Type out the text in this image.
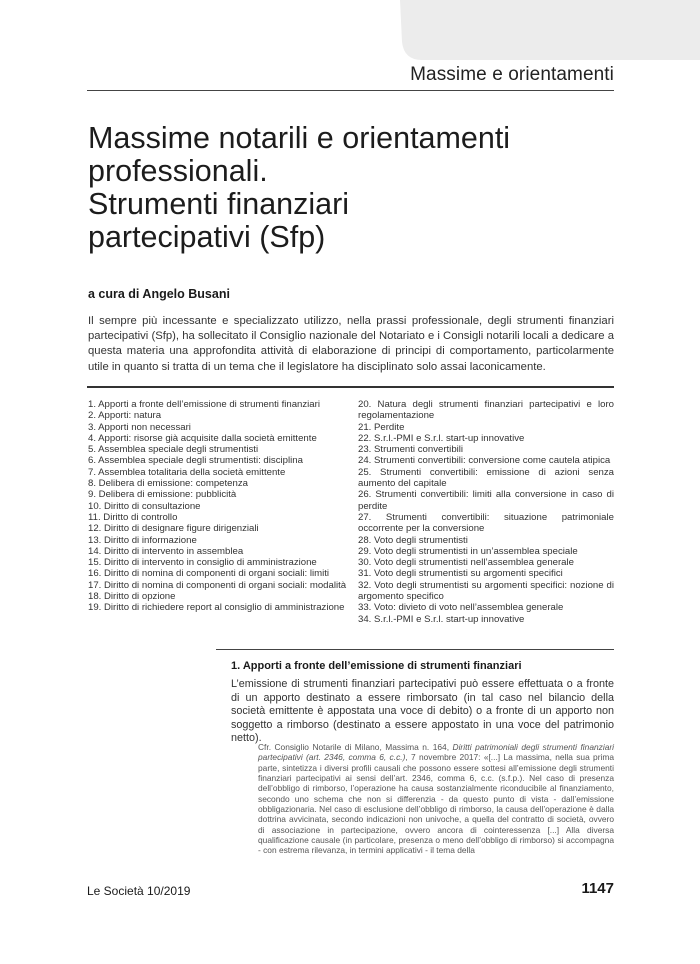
Massime e orientamenti
Massime notarili e orientamenti
professionali.
Strumenti finanziari
partecipativi (Sfp)
a cura di Angelo Busani

Il sempre più incessante e specializzato utilizzo, nella prassi professionale, degli strumenti finanziari partecipativi (Sfp), ha sollecitato il Consiglio nazionale del Notariato e i Consigli notarili locali a dedicare a questa materia una approfondita attività di elaborazione di principi di comportamento, particolarmente utile in quanto si tratta di un tema che il legislatore ha disciplinato solo assai laconicamente.

1. Apporti a fronte dell’emissione di strumenti finanziari
2. Apporti: natura
3. Apporti non necessari
4. Apporti: risorse già acquisite dalla società emittente
5. Assemblea speciale degli strumentisti
6. Assemblea speciale degli strumentisti: disciplina
7. Assemblea totalitaria della società emittente
8. Delibera di emissione: competenza
9. Delibera di emissione: pubblicità
10. Diritto di consultazione
11. Diritto di controllo
12. Diritto di designare figure dirigenziali
13. Diritto di informazione
14. Diritto di intervento in assemblea
15. Diritto di intervento in consiglio di amministrazione
16. Diritto di nomina di componenti di organi sociali: limiti
17. Diritto di nomina di componenti di organi sociali: modalità
18. Diritto di opzione
19. Diritto di richiedere report al consiglio di amministrazione
20. Natura degli strumenti finanziari partecipativi e loro regolamentazione
21. Perdite
22. S.r.l.-PMI e S.r.l. start-up innovative
23. Strumenti convertibili
24. Strumenti convertibili: conversione come cautela atipica
25. Strumenti convertibili: emissione di azioni senza aumento del capitale
26. Strumenti convertibili: limiti alla conversione in caso di perdite
27. Strumenti convertibili: situazione patrimoniale occorrente per la conversione
28. Voto degli strumentisti
29. Voto degli strumentisti in un’assemblea speciale
30. Voto degli strumentisti nell’assemblea generale
31. Voto degli strumentisti su argomenti specifici
32. Voto degli strumentisti su argomenti specifici: nozione di argomento specifico
33. Voto: divieto di voto nell’assemblea generale
34. S.r.l.-PMI e S.r.l. start-up innovative
1. Apporti a fronte dell’emissione di strumenti finanziari

L’emissione di strumenti finanziari partecipativi può essere effettuata o a fronte di un apporto destinato a essere rimborsato (in tal caso nel bilancio della società emittente è appostata una voce di debito) o a fronte di un apporto non soggetto a rimborso (destinato a essere appostato in una voce del patrimonio netto).

Cfr. Consiglio Notarile di Milano, Massima n. 164, Diritti patrimoniali degli strumenti finanziari partecipativi (art. 2346, comma 6, c.c.), 7 novembre 2017: «[...] La massima, nella sua prima parte, sintetizza i diversi profili causali che possono essere sottesi all’emissione degli strumenti finanziari partecipativi ai sensi dell’art. 2346, comma 6, c.c. (s.f.p.). Nel caso di presenza dell’obbligo di rimborso, l’operazione ha causa sostanzialmente riconducibile al finanziamento, secondo uno schema che non si differenzia - da questo punto di vista - dall’emissione obbligazionaria. Nel caso di esclusione dell’obbligo di rimborso, la causa dell’operazione è dalla dottrina avvicinata, secondo indicazioni non univoche, a quella del contratto di società, ovvero di associazione in partecipazione, ovvero ancora di cointeressenza [...] Alla diversa qualificazione causale (in particolare, presenza o meno dell’obbligo di rimborso) si accompagna - con estrema rilevanza, in termini applicativi - il tema della

Le Società 10/2019	1147
